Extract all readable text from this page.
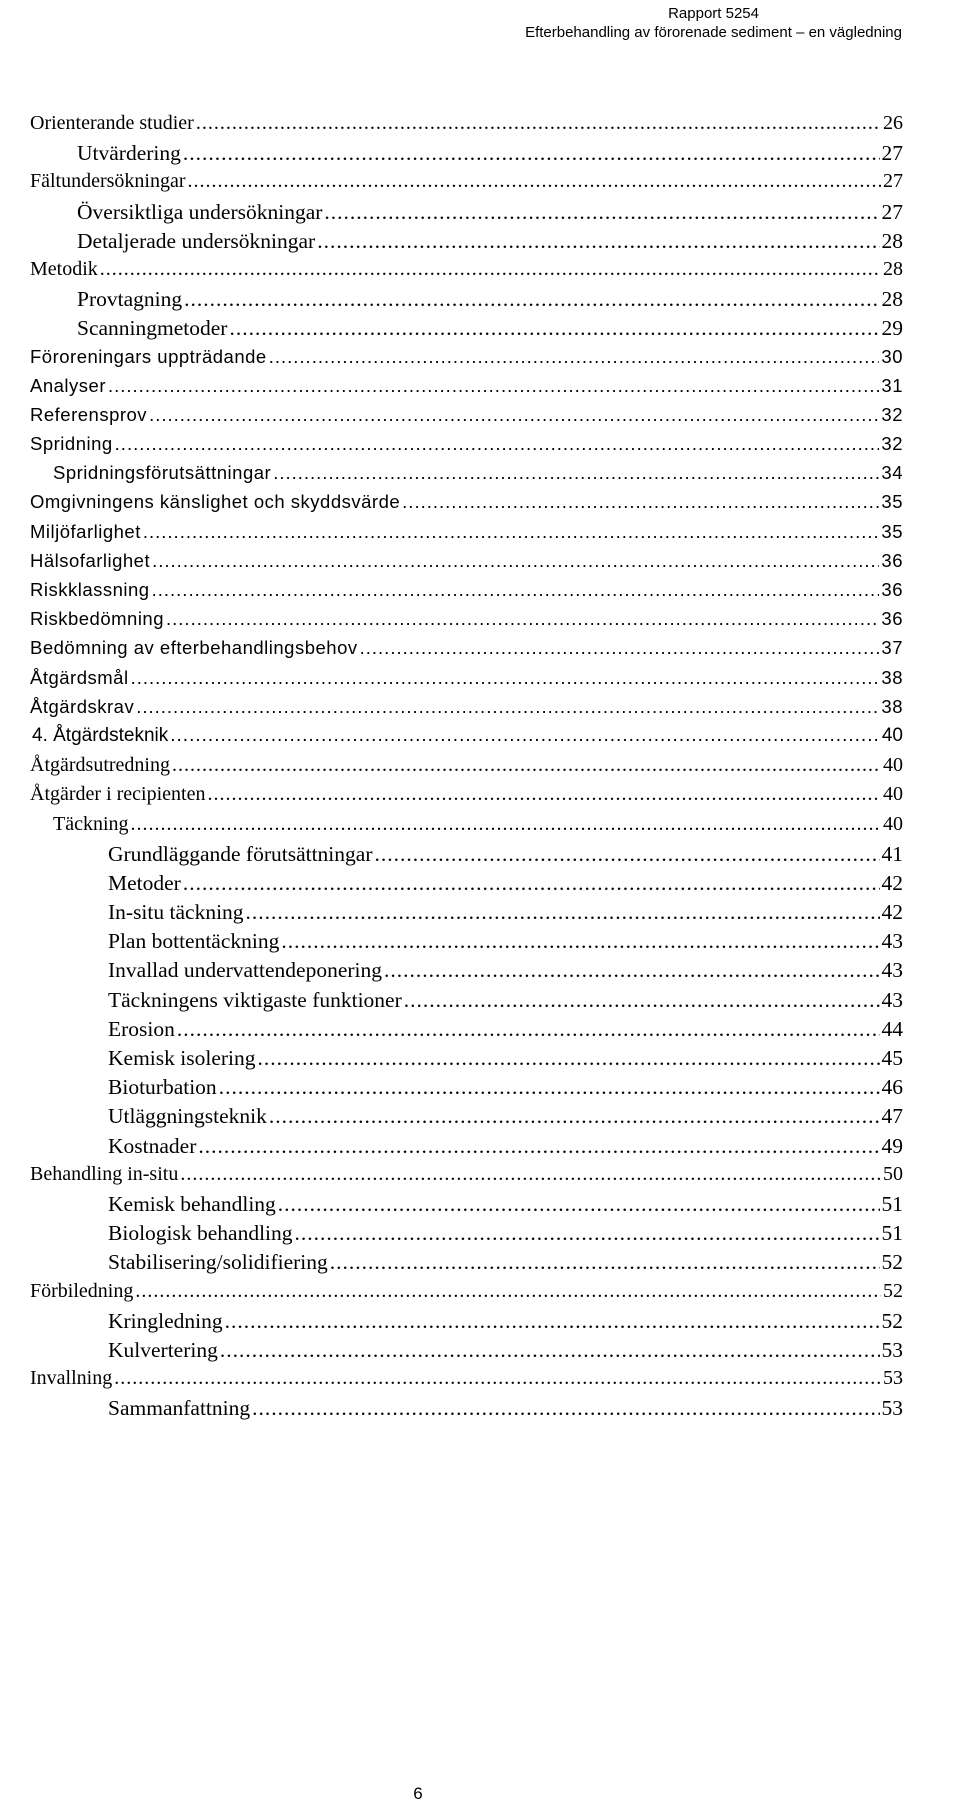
Rapport 5254
Efterbehandling av förorenade sediment – en vägledning
Orienterande studier .....	26
Utvärdering .....	27
Fältundersökningar .....	27
Översiktliga undersökningar .....	27
Detaljerade undersökningar .....	28
Metodik .....	28
Provtagning .....	28
Scanningmetoder .....	29
Föroreningars uppträdande .....	30
Analyser .....	31
Referensprov .....	32
Spridning .....	32
Spridningsförutsättningar .....	34
Omgivningens känslighet och skyddsvärde .....	35
Miljöfarlighet .....	35
Hälsofarlighet .....	36
Riskklassning .....	36
Riskbedömning .....	36
Bedömning av efterbehandlingsbehov .....	37
Åtgärdsmål .....	38
Åtgärdskrav .....	38
4. Åtgärdsteknik .....	40
Åtgärdsutredning .....	40
Åtgärder i recipienten .....	40
Täckning .....	40
Grundläggande förutsättningar .....	41
Metoder .....	42
In-situ täckning .....	42
Plan bottentäckning .....	43
Invallad undervattendeponering .....	43
Täckningens viktigaste funktioner .....	43
Erosion .....	44
Kemisk isolering .....	45
Bioturbation .....	46
Utläggningsteknik .....	47
Kostnader .....	49
Behandling in-situ .....	50
Kemisk behandling .....	51
Biologisk behandling .....	51
Stabilisering/solidifiering .....	52
Förbiledning .....	52
Kringledning .....	52
Kulvertering .....	53
Invallning .....	53
Sammanfattning .....	53
6
